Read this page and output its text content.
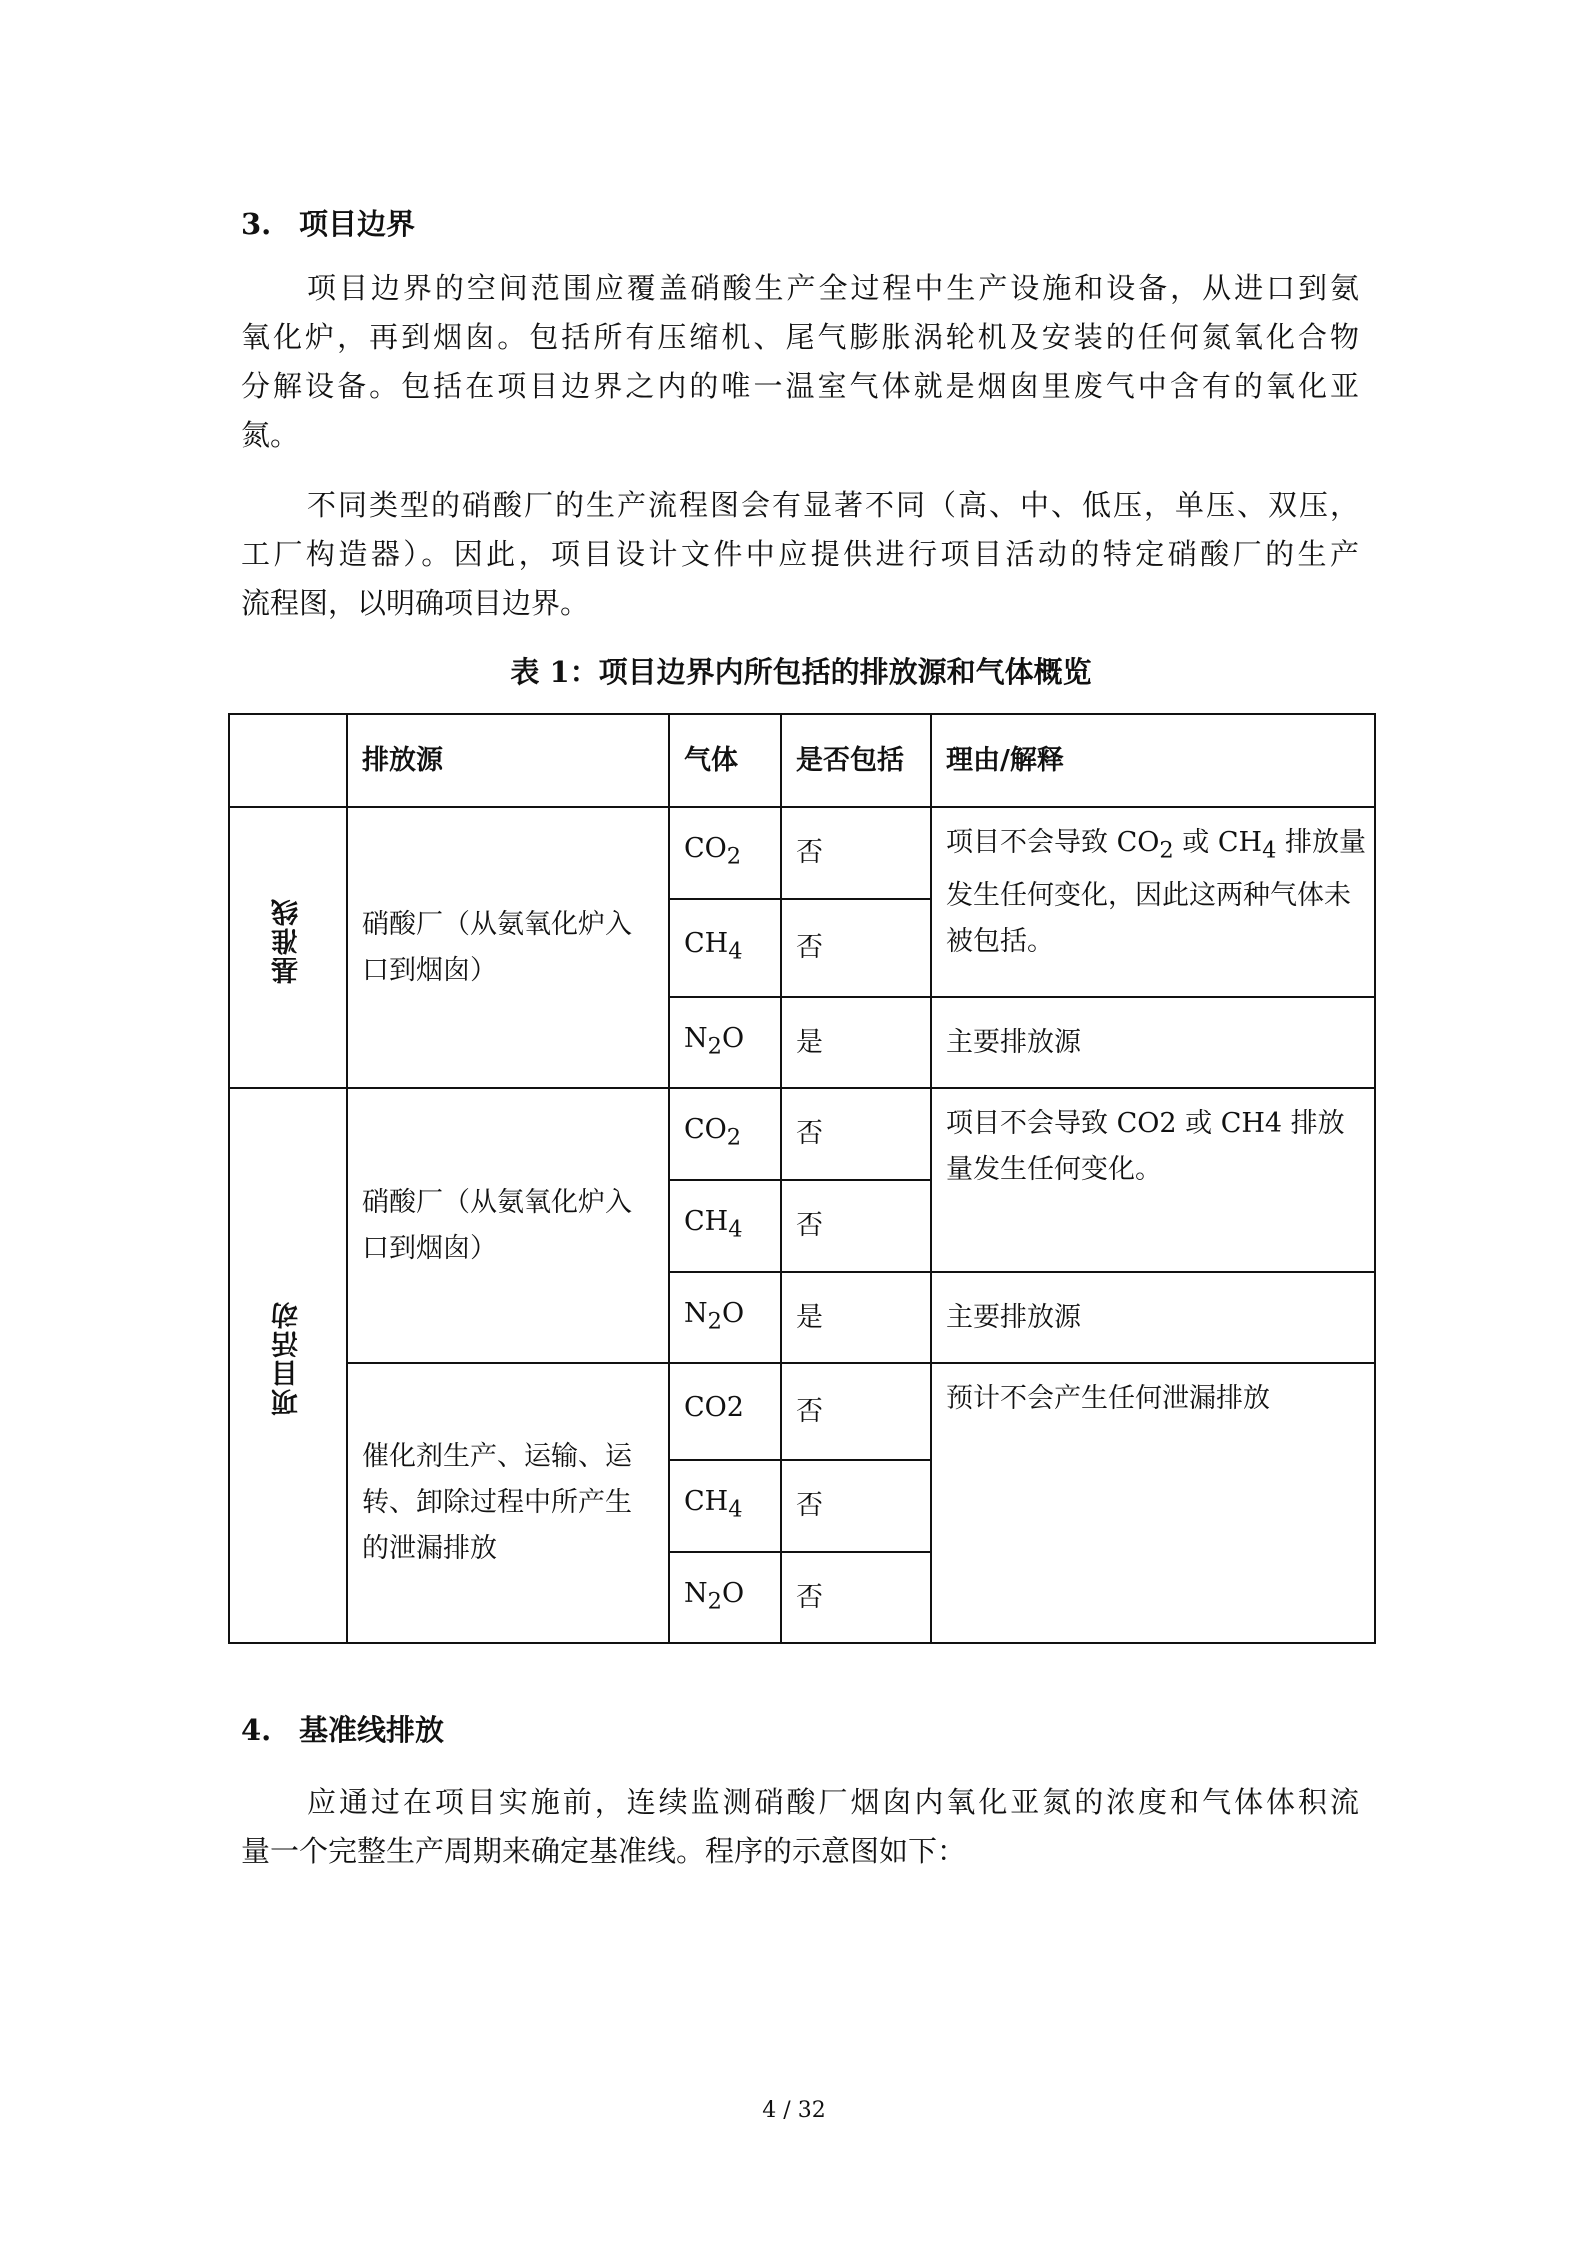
3. 项目边界
项目边界的空间范围应覆盖硝酸生产全过程中生产设施和设备，从进口到氨
氧化炉，再到烟囱。包括所有压缩机、尾气膨胀涡轮机及安装的任何氮氧化合物
分解设备。包括在项目边界之内的唯一温室气体就是烟囱里废气中含有的氧化亚
氮。
不同类型的硝酸厂的生产流程图会有显著不同（高、中、低压，单压、双压，
工厂构造器）。因此，项目设计文件中应提供进行项目活动的特定硝酸厂的生产
流程图，以明确项目边界。
表 1：项目边界内所包括的排放源和气体概览
	排放源	气体	是否包括	理由/解释
基准线	硝酸厂（从氨氧化炉入
口到烟囱）	$CO_2$	否	项目不会导致 $CO_2$ 或 $CH_4$ 排放量
发生任何变化，因此这两种气体未
被包括。

		$CH_4$	否	
		$N_2O$	是	主要排放源
项目活动	硝酸厂（从氨氧化炉入
口到烟囱）	$CO_2$	否	项目不会导致 CO2 或 CH4 排放
量发生任何变化。

		$CH_4$	否	
		$N_2O$	是	主要排放源

	催化剂生产、运输、运
转、卸除过程中所产生
的泄漏排放	CO2	否	预计不会产生任何泄漏排放
		$CH_4$	否	
		$N_2O$	否	
4. 基准线排放
应通过在项目实施前，连续监测硝酸厂烟囱内氧化亚氮的浓度和气体体积流
量一个完整生产周期来确定基准线。程序的示意图如下：
4 / 32
